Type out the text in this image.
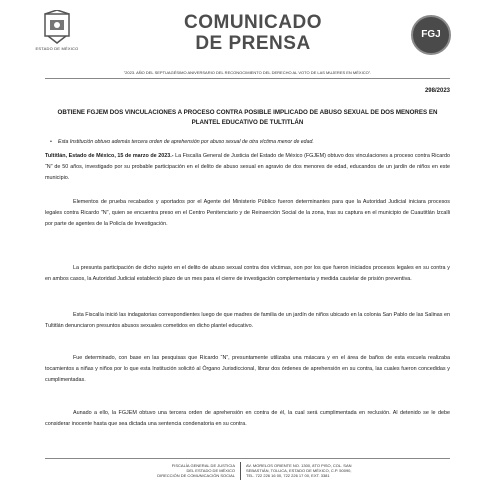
ESTADO DE MÉXICO
COMUNICADO
DE PRENSA	FGJ
"2023. AÑO DEL SEPTUAGÉSIMO ANIVERSARIO DEL RECONOCIMIENTO DEL DERECHO AL VOTO DE LAS MUJERES EN MÉXICO".
298/2023
OBTIENE FGJEM DOS VINCULACIONES A PROCESO CONTRA POSIBLE IMPLICADO DE ABUSO SEXUAL DE DOS MENORES EN PLANTEL EDUCATIVO DE TULTITLÁN
• Esta Institución obtuvo además tercera orden de aprehensión por abuso sexual de otra víctima menor de edad.
Tultitlán, Estado de México, 15 de marzo de 2023.- La Fiscalía General de Justicia del Estado de México (FGJEM) obtuvo dos vinculaciones a proceso contra Ricardo “N” de 50 años, investigado por su probable participación en el delito de abuso sexual en agravio de dos menores de edad, educandos de un jardín de niños en este municipio.
Elementos de prueba recabados y aportados por el Agente del Ministerio Público fueron determinantes para que la Autoridad Judicial iniciara procesos legales contra Ricardo "N", quien se encuentra preso en el Centro Penitenciario y de Reinserción Social de la zona, tras su captura en el municipio de Cuautitlán Izcalli por parte de agentes de la Policía de Investigación.
La presunta participación de dicho sujeto en el delito de abuso sexual contra dos víctimas, son por los que fueron iniciados procesos legales en su contra y en ambos casos, la Autoridad Judicial estableció plazo de un mes para el cierre de investigación complementaria y medida cautelar de prisión preventiva.
Esta Fiscalía inició las indagatorias correspondientes luego de que madres de familia de un jardín de niños ubicado en la colonia San Pablo de las Salinas en Tultitlán denunciaron presuntos abusos sexuales cometidos en dicho plantel educativo.
Fue determinado, con base en las pesquisas que Ricardo “N”, presuntamente utilizaba una máscara y en el área de baños de esta escuela realizaba tocamientos a niñas y niños por lo que esta Institución solicitó al Órgano Jurisdiccional, librar dos órdenes de aprehensión en su contra, las cuales fueron concedidas y cumplimentadas.
Aunado a ello, la FGJEM obtuvo una tercera orden de aprehensión en contra de él, la cual será cumplimentada en reclusión. Al detenido se le debe considerar inocente hasta que sea dictada una sentencia condenatoria en su contra.
FISCALÍA GENERAL DE JUSTICIA
DEL ESTADO DE MÉXICO
DIRECCIÓN DE COMUNICACIÓN SOCIAL
AV. MORELOS ORIENTE NO. 1300, 8TO PISO, COL. SAN
SEBASTIÁN, TOLUCA, ESTADO DE MÉXICO, C.P. 50090,
TEL. 722 226 16 00, 722 226 17 00, EXT. 3381
